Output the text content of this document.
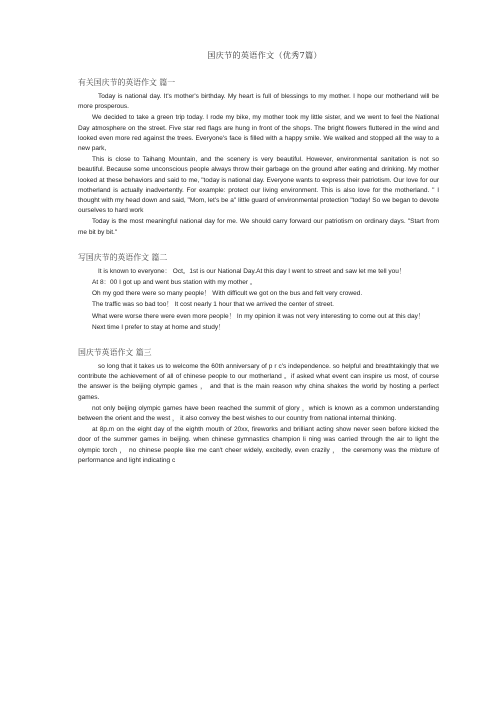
国庆节的英语作文（优秀7篇）
有关国庆节的英语作文 篇一

Today is national day. It's mother's birthday. My heart is full of blessings to my mother. I hope our motherland will be more prosperous.

We decided to take a green trip today. I rode my bike, my mother took my little sister, and we went to feel the National Day atmosphere on the street. Five star red flags are hung in front of the shops. The bright flowers fluttered in the wind and looked even more red against the trees. Everyone's face is filled with a happy smile. We walked and stopped all the way to a new park,

This is close to Taihang Mountain, and the scenery is very beautiful. However, environmental sanitation is not so beautiful. Because some unconscious people always throw their garbage on the ground after eating and drinking. My mother looked at these behaviors and said to me, "today is national day. Everyone wants to express their patriotism. Our love for our motherland is actually inadvertently. For example: protect our living environment. This is also love for the motherland. " I thought with my head down and said, "Mom, let's be a" little guard of environmental protection "today! So we began to devote ourselves to hard work

Today is the most meaningful national day for me. We should carry forward our patriotism on ordinary days. "Start from me bit by bit."

写国庆节的英语作文 篇二

It is known to everyone： Oct。1st is our National Day.At this day I went to street and saw let me tell you！

At 8：00 I got up and went bus station with my mother 。

Oh my god there were so many people！ With difficult we got on the bus and felt very crowed.

The traffic was so bad too！ It cost nearly 1 hour that we arrived the center of street.

What were worse there were even more people！ In my opinion it was not very interesting to come out at this day！

Next time I prefer to stay at home and study！

国庆节英语作文 篇三

so long that it takes us to welcome the 60th anniversary of p r c's independence. so helpful and breathtakingly that we contribute the achievement of all of chinese people to our motherland 。if asked what event can inspire us most, of course the answer is the beijing olympic games ， and that is the main reason why china shakes the world by hosting a perfect games.

not only beijing olympic games have been reached the summit of glory ，which is known as a common understanding between the orient and the west ， it also convey the best wishes to our country from national internal thinking.

at 8p.m on the eight day of the eighth mouth of 20xx, fireworks and brilliant acting show never seen before kicked the door of the summer games in beijing. when chinese gymnastics champion li ning was carried through the air to light the olympic torch ， no chinese people like me can't cheer widely, excitedly, even crazily ， the ceremony was the mixture of performance and light indicating c
